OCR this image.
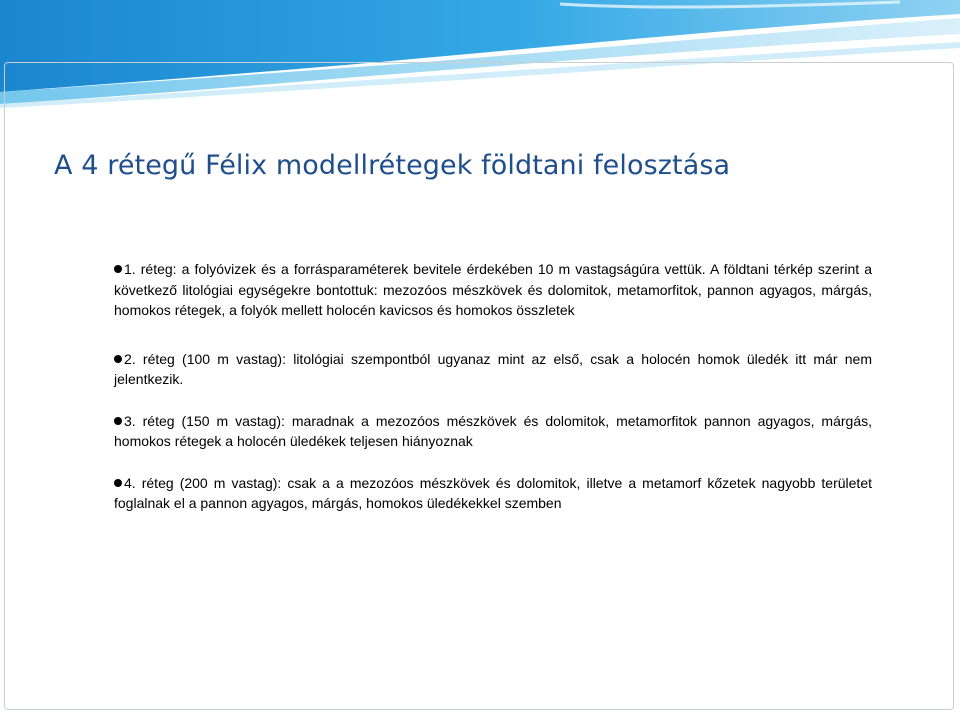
A 4 rétegű Félix modellrétegek földtani felosztása

1. réteg: a folyóvizek és a forrásparaméterek bevitele érdekében 10 m vastagságúra vettük. A földtani térkép szerint a következő litológiai egységekre bontottuk: mezozóos mészkövek és dolomitok, metamorfitok, pannon agyagos, márgás, homokos rétegek, a folyók mellett holocén kavicsos és homokos összletek

2. réteg (100 m vastag): litológiai szempontból ugyanaz mint az első, csak a holocén homok üledék itt már nem jelentkezik.

3. réteg (150 m vastag): maradnak a mezozóos mészkövek és dolomitok, metamorfitok pannon agyagos, márgás, homokos rétegek a holocén üledékek teljesen hiányoznak

4. réteg (200 m vastag): csak a a mezozóos mészkövek és dolomitok, illetve a metamorf kőzetek nagyobb területet foglalnak el a pannon agyagos, márgás, homokos üledékekkel szemben
